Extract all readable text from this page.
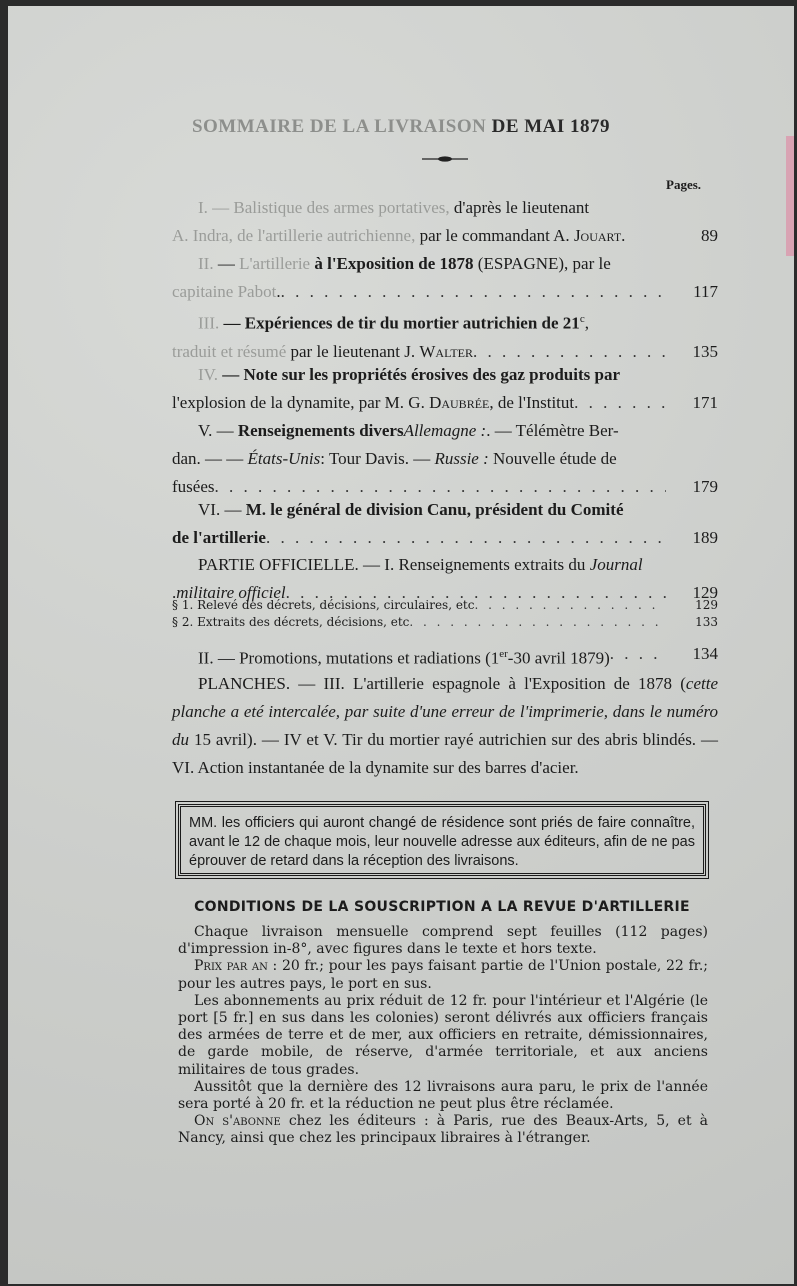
SOMMAIRE DE LA LIVRAISON DE MAI 1879
Pages.
I. — Balistique des armes portatives, d'après le lieutenant
A. Indra, de l'artillerie autrichienne, par le commandant A. Jouart.	89
II. — L'artillerie à l'Exposition de 1878 (ESPAGNE), par le
capitaine Pabot. . . .	117
III. — Expériences de tir du mortier autrichien de 21$^c$,
traduit et résumé par le lieutenant J. Walter . . .	135
IV. — Note sur les propriétés érosives des gaz produits par
l'explosion de la dynamite, par M. G. Daubrée, de l'Institut . . .	171
V. — Renseignements diversAllemagne :. — Télémètre Ber-
dan. — — États-Unis: Tour Davis. — Russie : Nouvelle étude de
fusées . . .	179
VI. — M. le général de division Canu, président du Comité
de l'artillerie . . .	189
PARTIE OFFICIELLE. — I. Renseignements extraits du Journal
.militaire officiel . . .	129
§ 1. Relevé des décrets, décisions, circulaires, etc . . .	129
§ 2. Extraits des décrets, décisions, etc . . .	133
II. — Promotions, mutations et radiations (1er-30 avril 1879) . . .	134
PLANCHES. — III. L'artillerie espagnole à l'Exposition de 1878 (cette planche a eté intercalée, par suite d'une erreur de l'imprimerie, dans le numéro du 15 avril). — IV et V. Tir du mortier rayé autrichien sur des abris blindés. — VI. Action instantanée de la dynamite sur des barres d'acier.

MM. les officiers qui auront changé de résidence sont priés de faire connaître, avant le 12 de chaque mois, leur nouvelle adresse aux éditeurs, afin de ne pas éprouver de retard dans la réception des livraisons.

CONDITIONS DE LA SOUSCRIPTION A LA REVUE D'ARTILLERIE

Chaque livraison mensuelle comprend sept feuilles (112 pages) d'impression in-8°, avec figures dans le texte et hors texte.

Prix par an : 20 fr.; pour les pays faisant partie de l'Union postale, 22 fr.; pour les autres pays, le port en sus.

Les abonnements au prix réduit de 12 fr. pour l'intérieur et l'Algérie (le port [5 fr.] en sus dans les colonies) seront délivrés aux officiers français des armées de terre et de mer, aux officiers en retraite, démissionnaires, de garde mobile, de réserve, d'armée territoriale, et aux anciens militaires de tous grades.

Aussitôt que la dernière des 12 livraisons aura paru, le prix de l'année sera porté à 20 fr. et la réduction ne peut plus être réclamée.

On s'abonne chez les éditeurs : à Paris, rue des Beaux-Arts, 5, et à Nancy, ainsi que chez les principaux libraires à l'étranger.
